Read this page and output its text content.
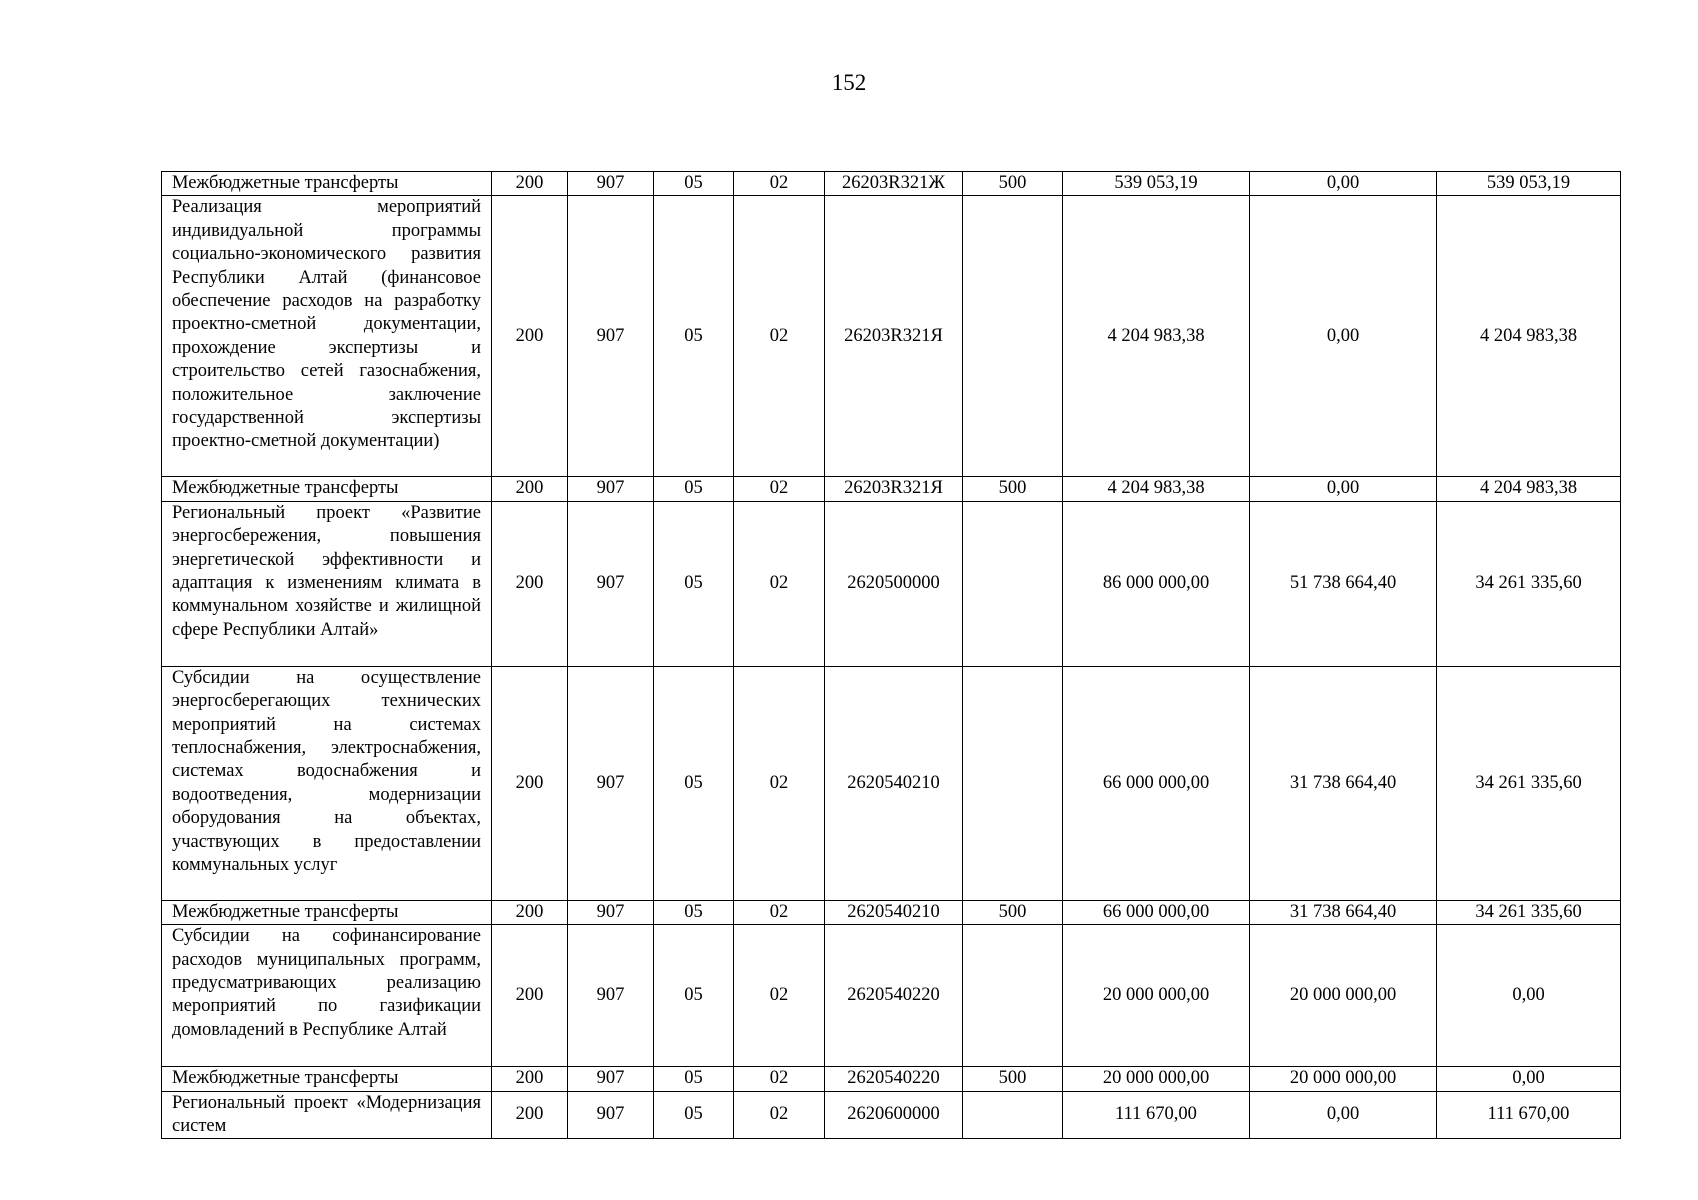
152
Межбюджетные трансферты	200	907	05	02	26203R321Ж	500	539 053,19	0,00	539 053,19
Реализация мероприятий индивидуальной программы социально-экономического развития Республики Алтай (финансовое обеспечение расходов на разработку проектно-сметной документации, прохождение экспертизы и строительство сетей газоснабжения, положительное заключение государственной экспертизы проектно-сметной документации)	200	907	05	02	26203R321Я		4 204 983,38	0,00	4 204 983,38
Межбюджетные трансферты	200	907	05	02	26203R321Я	500	4 204 983,38	0,00	4 204 983,38
Региональный проект «Развитие энергосбережения, повышения энергетической эффективности и адаптация к изменениям климата в коммунальном хозяйстве и жилищной сфере Республики Алтай»	200	907	05	02	2620500000		86 000 000,00	51 738 664,40	34 261 335,60
Субсидии на осуществление энергосберегающих технических мероприятий на системах теплоснабжения, электроснабжения, системах водоснабжения и водоотведения, модернизации оборудования на объектах, участвующих в предоставлении коммунальных услуг	200	907	05	02	2620540210		66 000 000,00	31 738 664,40	34 261 335,60
Межбюджетные трансферты	200	907	05	02	2620540210	500	66 000 000,00	31 738 664,40	34 261 335,60
Субсидии на софинансирование расходов муниципальных программ, предусматривающих реализацию мероприятий по газификации домовладений в Республике Алтай	200	907	05	02	2620540220		20 000 000,00	20 000 000,00	0,00
Межбюджетные трансферты	200	907	05	02	2620540220	500	20 000 000,00	20 000 000,00	0,00
Региональный проект «Модернизация систем	200	907	05	02	2620600000		111 670,00	0,00	111 670,00
